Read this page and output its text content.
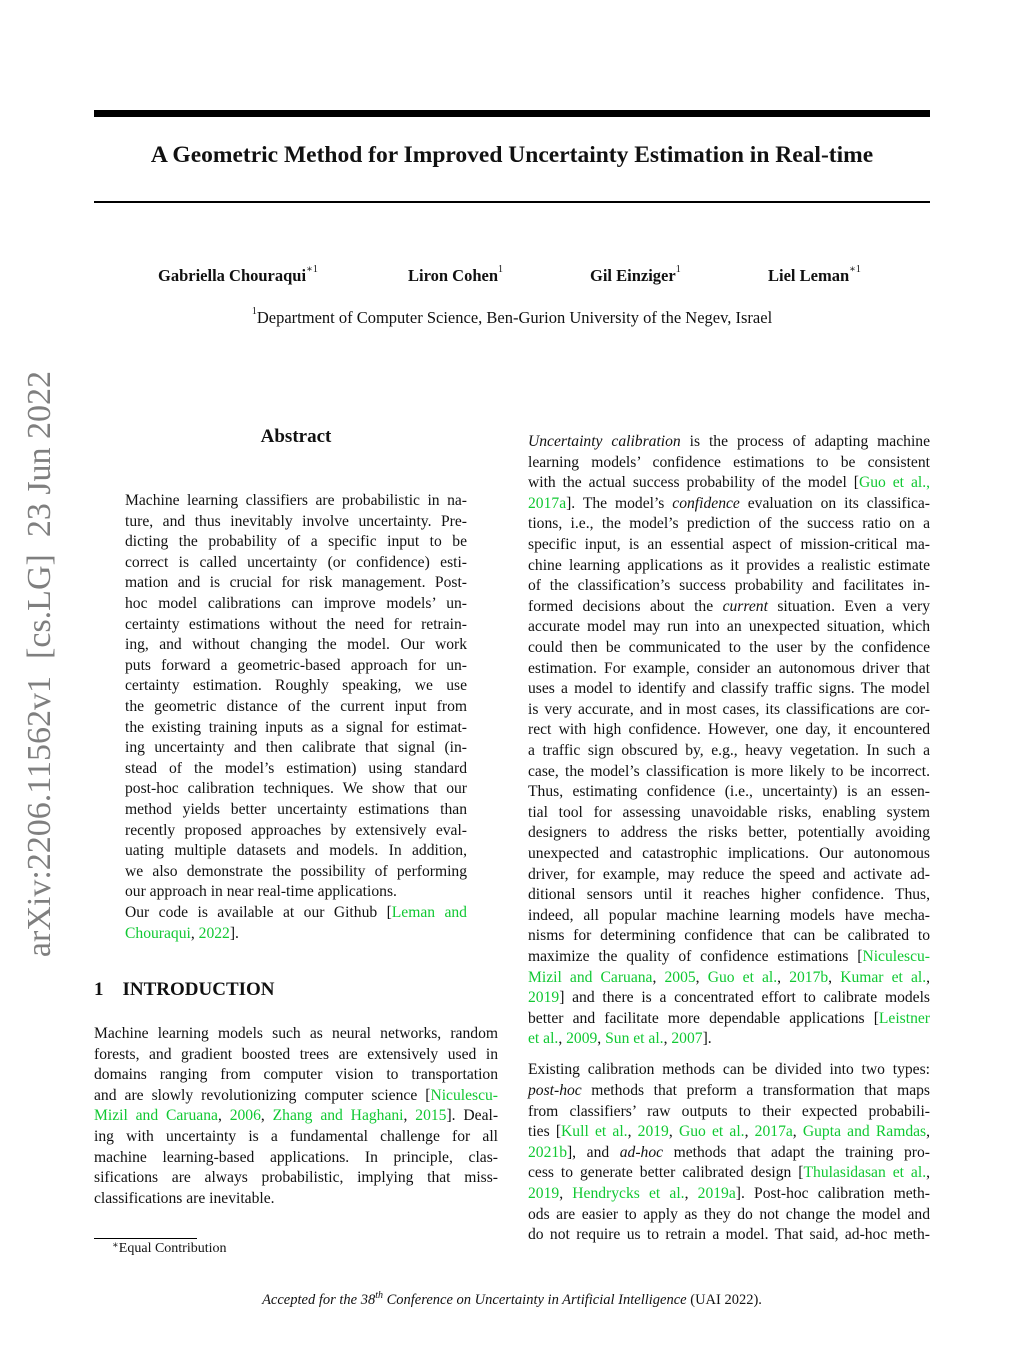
arXiv:2206.11562v1  [cs.LG]  23 Jun 2022
A Geometric Method for Improved Uncertainty Estimation in Real-time
Gabriella Chouraqui$^{∗1}$	Liron Cohen$^1$	Gil Einziger$^1$	Liel Leman$^{∗1}$
$^1$Department of Computer Science, Ben-Gurion University of the Negev, Israel
Abstract
Machine learning classifiers are probabilistic in na-
ture, and thus inevitably involve uncertainty. Pre-
dicting the probability of a specific input to be
correct is called uncertainty (or confidence) esti-
mation and is crucial for risk management. Post-
hoc model calibrations can improve models’ un-
certainty estimations without the need for retrain-
ing, and without changing the model. Our work
puts forward a geometric-based approach for un-
certainty estimation. Roughly speaking, we use
the geometric distance of the current input from
the existing training inputs as a signal for estimat-
ing uncertainty and then calibrate that signal (in-
stead of the model’s estimation) using standard
post-hoc calibration techniques. We show that our
method yields better uncertainty estimations than
recently proposed approaches by extensively eval-
uating multiple datasets and models. In addition,
we also demonstrate the possibility of performing
our approach in near real-time applications.
Our code is available at our Github [Leman and
Chouraqui, 2022].
1    INTRODUCTION
Machine learning models such as neural networks, random
forests, and gradient boosted trees are extensively used in
domains ranging from computer vision to transportation
and are slowly revolutionizing computer science [Niculescu-
Mizil and Caruana, 2006, Zhang and Haghani, 2015]. Deal-
ing with uncertainty is a fundamental challenge for all
machine learning-based applications. In principle, clas-
sifications are always probabilistic, implying that miss-
classifications are inevitable.
Uncertainty calibration is the process of adapting machine
learning models’ confidence estimations to be consistent
with the actual success probability of the model [Guo et al.,
2017a]. The model’s confidence evaluation on its classifica-
tions, i.e., the model’s prediction of the success ratio on a
specific input, is an essential aspect of mission-critical ma-
chine learning applications as it provides a realistic estimate
of the classification’s success probability and facilitates in-
formed decisions about the current situation. Even a very
accurate model may run into an unexpected situation, which
could then be communicated to the user by the confidence
estimation. For example, consider an autonomous driver that
uses a model to identify and classify traffic signs. The model
is very accurate, and in most cases, its classifications are cor-
rect with high confidence. However, one day, it encountered
a traffic sign obscured by, e.g., heavy vegetation. In such a
case, the model’s classification is more likely to be incorrect.
Thus, estimating confidence (i.e., uncertainty) is an essen-
tial tool for assessing unavoidable risks, enabling system
designers to address the risks better, potentially avoiding
unexpected and catastrophic implications. Our autonomous
driver, for example, may reduce the speed and activate ad-
ditional sensors until it reaches higher confidence. Thus,
indeed, all popular machine learning models have mecha-
nisms for determining confidence that can be calibrated to
maximize the quality of confidence estimations [Niculescu-
Mizil and Caruana, 2005, Guo et al., 2017b, Kumar et al.,
2019] and there is a concentrated effort to calibrate models
better and facilitate more dependable applications [Leistner
et al., 2009, Sun et al., 2007].
Existing calibration methods can be divided into two types:
post-hoc methods that preform a transformation that maps
from classifiers’ raw outputs to their expected probabili-
ties [Kull et al., 2019, Guo et al., 2017a, Gupta and Ramdas,
2021b], and ad-hoc methods that adapt the training pro-
cess to generate better calibrated design [Thulasidasan et al.,
2019, Hendrycks et al., 2019a]. Post-hoc calibration meth-
ods are easier to apply as they do not change the model and
do not require us to retrain a model. That said, ad-hoc meth-
∗Equal Contribution
Accepted for the 38th Conference on Uncertainty in Artificial Intelligence (UAI 2022).
